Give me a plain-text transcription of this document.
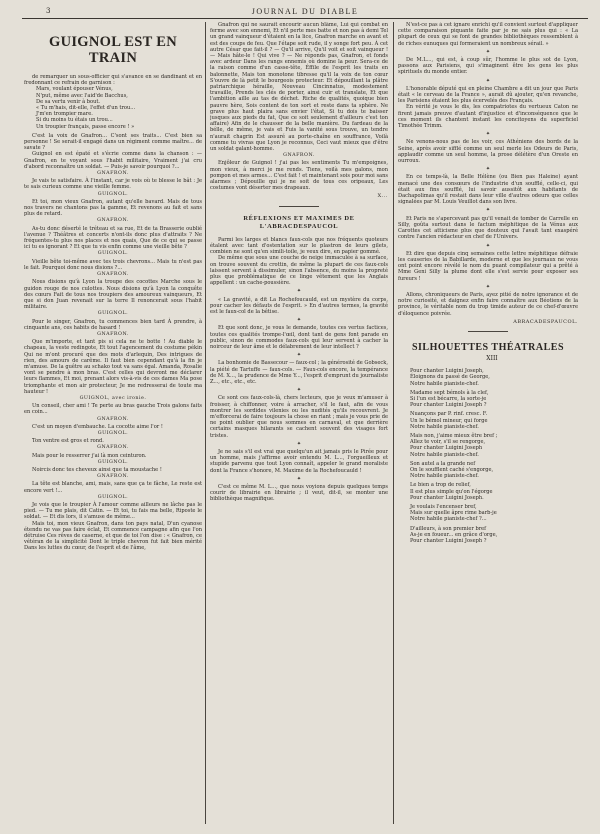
3	JOURNAL DU DIABLE
GUIGNOL EST EN TRAIN

de remarquer un sous-officier qui s'avance en se dandinant et en fredonnant ce refrain de garnison :

Mars, voulant épouser Vénus,

N'put, même avec l'aid'de Bacchus,

De sa vertu venir à bout.

« Tu m'hais, dit-elle, l'effet d'un trou...

J'm'en trompier mare.

Si du moins tu étais un trou...

Un troupier français, passe encore ! »

C'est la voix de Gnafron... C'sont ses traits... C'est bien sa personne ! Se serait-il engagé dans un régiment comme maître... de savate ?

Guignol en est épaté et s'écrie comme dans la chanson : — Gnafron, en te voyant sous l'habit militaire, Vraiment j'ai cru d'abord reconnaître un soldat. — Puis-je savoir pourquoi ?...

GNAFRON.

Je vais te satisfaire. À l'instant, car je vois où te blesse le bât : Je te sais curieux comme une vieille femme.

GUIGNOL.

Et toi, mon vieux Gnafron, autant qu'elle bavard. Mais de tous nos travers ne chantons pas la gamme, Et revenons au fait et sans plus de retard.

GNAFRON.

As-tu donc déserté le tréteau et sa rue, Et de ta Brasserie oublié l'avenue ? Théâtres et concerts n'ont-ils donc plus d'attraits ? Ne fréquentes-tu plus nos places et nos quais, Que de ce qui se passe ici tu es ignorant ? Et que tu vis enfin comme une vieille bête ?

GUIGNOL.

Vieille bête toi-même avec tes trois chevrons... Mais tu n'est pas le fait. Pourquoi donc nous disions ?...

GNAFRON.

Nous disions qu'à Lyon la troupe des cocottes Marche sous le guidon rouge de nos culottes. Nous disions qu'à Lyon la conquête des cœurs Fait de tous nos troupiers des amoureux vainqueurs, Et que si don Juan revenait sur la terre Il renoncerait sous l'habit militaire.

GUIGNOL.

Pour le singer, Gnafron, tu commences bien tard À prendre, à cinquante ans, ces habits de hasard !

GNAFRON.

Que m'importe, et tant pis si cela ne te botte ! Au diable le chapeau, la veste redingote, Et tout l'agencement du costume pékin Qui ne m'ont procuré que des mots d'arlequin, Des intrigues de rien, des amours de carême. Il faut bien cependant qu'à la fin je m'amuse. De la guêtre au schako tout va sans égal. Amanda, Rosalie vont se pendre à mon bras. C'est celles qui devront me déclarer leurs flammes, Et moi, prenant alors vis-à-vis de ces dames Ma pose triomphante et mon air protecteur, Je me redresserai de toute ma hauteur !

GUIGNOL, avec ironie.

Un conseil, cher ami ! Te perte au bras gauche Trois galons faits en coin...

GNAFRON.

C'est un moyen d'embauche. La cocotte aime l'or !

GUIGNOL.

Ton ventre est gros et rond.

GNAFRON.

Mais pour le resserrer j'ai là mon ceinturon.

GUIGNOL.

Noircis donc tes cheveux ainsi que ta moustache !

GNAFRON.

La tête est blanche, ami, mais, sans que ça te fâche, Le reste est encore vert !...

GUIGNOL.

Je vois que le troupier À l'amour comme ailleurs ne lâche pas le pied. — Tu me plais, dit Catin. — Et toi, tu fais ma belle, Riposte le soldat. — Et dis lors, il s'amuse de même...

Mais toi, mon vieux Gnafron, dans ton pays natal, D'un cyanose étendu ne vas pas faire éclat, Et commence campagne afin que l'on détruise Ces rêves de caserne, et que de toi l'on dise : « Gnafron, ce vétéran de la simplicité Dont le triple chevron fut fait bien mérité Dans les luttes du cœur, de l'esprit et de l'âme,

Gnafron qui ne saurait encourir aucun blâme, Lui qui combat en ferme avec son ennemi, Et n'il perte mes batte et non pas à demi Tel un grand vainqueur d'étaient en la lice, Gnafron marche en avant et est des coups de feu. Que l'étape soit rude, il y songe fort peu. À cet autre César que fait-il ? — Qu'il arrive, Qu'il voit et soit vainqueur ! — Mais hâte-le ! Qui vive ? — Ne réponds pas, Gnafron, et fonds avec ardeur Dans les rangs ennemis où domine la peur. Sera-ce de la raison comme d'un casse-tête, Éffile de l'esprit les traits en baïonnette, Mais ton monotone tibresse qu'il la voix de ton cœur S'ouvre de là petit le bourgeois protecteur. Et dépouillant la plâtre patriarchique héraille, Nouveau Cincinnatus, modestement travaille, Prends les clés de porter, ainsi cuir et translate, Et que l'ambition aille au tas de déchet. Riche de qualités, quoique bien pauvre hère, Sois content de ton sort et reste dans ta sphère. Ne grave plus haut plaira sans envier l'état, Si tu dois te baisser jusques aux pieds du fat, Que ce soit seulement d'ailleurs c'est ton affaire) Afin de le chausser de la belle manière. Du fardeau de la bélle, de même, je vais et Fuis la vanité sous trouve, un tendre n'aurait chagrin Est assuré au porte-chaîne en souffrance, Voilà comme tu vivras que Lyon je reconnus, Ceci vaut mieux que d'être un soldat galant-homme.

GNAFRON.

Enjôleur de Guignol ! j'ai pas les sentiments Tu m'empoignes, mon vieux, à merci je me rends. Tiens, voilà mes galons, mon pompon et mes armes... C'est fait ! et maintenant sois pour moi sans alarmes ; Dépouille qui je ne soit de tous ces oripeaux, Les costumes vont déserter mes drapeaux.

X...

RÉFLEXIONS ET MAXIMES DE L'ABRACDESPAUCOL

Parmi les larges et blancs faux-cols que nos fréquents quoteurs étalent avec tant d'ostentation sur le plastron de leurs gilets, combien ne sont qu'en simili-toile, je veux dire, en papier gommé.

De même que sous une couche de neige immaculée à sa surface, on trouve souvent du crottin, de même la plupart de ces faux-cols laissent servent à dissimuler, sinon l'absence, du moins la propreté plus que problématique de ce linge vêtement que les Anglais appellent : un cache-poussière.

✦

« La gravité, a dit La Rochefoucauld, est un mystère du corps, pour cacher les défauts de l'esprit. » En d'autres termes, la gravité est le faux-col de la bêtise.

✦

Et que sont donc, je vous le demande, toutes ces vertus factices, toutes ces qualités trompe-l'œil, dont tant de gens font parade en public, sinon de commodes faux-cols qui leur servent à cacher la noirceur de leur âme et le délabrement de leur intellect ?

✦

La bonhomie de Bassecour — faux-col ; la générosité de Gobseck, la piété de Tartuffe — faux-cols. — Faux-cols encore, la tempérance de M. X..., la prudence de Mme Y..., l'esprit d'emprunt du journaliste Z..., etc., etc., etc.

✦

Ce sont ces faux-cols-là, chers lecteurs, que je veux m'amuser à froisser, à chiffonner, voire à arracher, s'il le faut, afin de vous montrer les sordides vilenies ou les nudités qu'ils recouvrent. Je m'efforcerai de faire toujours la chose en riant ; mais je vous prie de ne point oublier que nous sommes en carnaval, et que derrière certains masques hilarants se cachent souvent des visages fort tristes.

✦

Je ne sais s'il est vrai que quelqu'un ait jamais pris le Pirée pour un homme, mais j'affirme avoir entendu M. L..., l'orgueilleux et stupide parvenu que tout Lyon connaît, appeler le grand moraliste dont la France s'honore, M. Maxime de la Rochefoucauld !

✦

C'est ce même M. L..., que nous voyions depuis quelques temps courir de librairie en librairie ; il veut, dit-il, se monter une bibliothèque magnifique.

N'est-ce pas à cet ignare enrichi qu'il convient surtout d'appliquer cette comparaison piquante faite par je ne sais plus qui : « La plupart de ceux qui se font de grandes bibliothèques ressemblent à de riches eunuques qui formeraient un nombreux sérail. »

✦

De M.L..., qui est, à coup sûr, l'homme le plus sot de Lyon, passons aux Parisiens, qui s'imaginent être les gens les plus spirituels du monde entier.

✦

L'honorable député qui en pleine Chambre a dit un jour que Paris était « le cerveau de la France », aurait dû ajouter, qu'en revanche, les Parisiens étaient les plus écervelés des Français.

En vérité je vous le dis, les compatriotes du vertueux Caton ne firent jamais preuve d'autant d'injustice et d'inconséquence que le ces moment ils chantent instant les concitoyens du superficiel Timothée Trimm.

✦

Ne venons-nous pas de les voir, ces Athéniens des bords de la Seine, après avoir sifflé comme un seul merle les Odeurs de Paris, applaudir comme un seul homme, la prose délétère d'un Oreste en ourroux.

✦

En ce temps-là, la Belle Hélène (ou Bien pas Haleine) ayant menacé une des consœurs de l'industrie d'un soufflé, celle-ci, qui était aux fins soufflé, lui savoir aussitôt aux habitants de Dachapolimas qu'il restait dans leur ville d'autres odeurs que celles signalées par M. Louis Veuillot dans son livre.

✦

Et Paris ne s'apercevant pas qu'il venait de tomber de Carrelle en Silly, goûta surtout dans le factum méphitique de la Vénus aux Carottes cet atticisme plus que douteux qui l'avait tant exaspéré contre l'ancien rédacteur en chef de l'Univers.

✦

Et dire que depuis cinq semaines cette lettre méphitique défraie les causeries de la Babillarde, moderne et que les journaux ne vous ont point encore révélé le nom du puant compilateur qui a prêté à Mme Geni Silly la plume dont elle s'est servie pour exposer ses fureurs !

✦

Allons, chroniqueurs de Paris, ayez pitié de notre ignorance et de notre curiosité, et daignez enfin faire connaître aux Béotiens de la province, le véritable nom du trop timide auteur de ce chef-d'œuvre d'éloquence poivrée.

ABRACADESPAUCOL.

SILHOUETTES THÉATRALES

XIII

Pour chanter Luigini Joseph,

Éloignons du passé de George,

Notre habile pianiste-chef.

Madame sept bémols à la clef,

Si l'un est bécarre, la sorte-je

Pour chanter Luigini Joseph ?

Nuançons par P. rinf. cresc. F.

Un le bémol mineur, qui forge

Notre habile pianiste-chef.

Mais non, j'aime mieux être bref ;

Allez te voir, s'il se rengorge,

Pour chanter Luigini Joseph

Notre habile pianiste-chef.

Son autel a la grande nef

On le soufflent caché s'engorge,

Notre habile pianiste-chef.

Le bien a trop de relief,

Il est plus simple qu'on l'égorge

Pour chanter Luigini Joseph.

Je voulais l'encenser bref,

Mais sur quelle âpre rime barb-je

Notre habile pianiste-chef ?...

D'ailleurs, à son premier bref

As-je en foueur... en grâce d'orge,

Pour chanter Luigini Joseph ?
